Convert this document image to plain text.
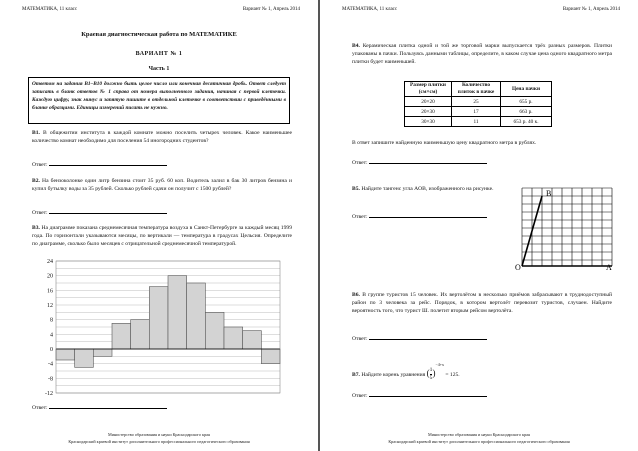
МАТЕМАТИКА, 11 класс	Вариант № 1, Апрель 2014
Краевая диагностическая работа по МАТЕМАТИКЕ
ВАРИАНТ № 1
Часть 1
Ответом на задания В1–В10 должно быть целое число или конечная десятичная дробь. Ответ следует записать в бланк ответов № 1 справа от номера выполненного задания, начиная с первой клеточки. Каждую цифру, знак минус и запятую пишите в отдельной клеточке в соответствии с приведёнными в бланке образцами. Единицы измерений писать не нужно.
В1. В общежитии института в каждой комнате можно поселить четырех человек. Какое наименьшее количество комнат необходимо для поселения 54 иногородних студентов?
Ответ:
В2. На бензоколонке один литр бензина стоит 35 руб. 60 коп. Водитель залил в бак 30 литров бензина и купил бутылку воды за 35 рублей. Сколько рублей сдачи он получит с 1500 рублей?
Ответ:
В3. На диаграмме показана среднемесячная температура воздуха в Санкт-Петербурге за каждый месяц 1999 года. По горизонтали указываются месяцы, по вертикали — температура в градусах Цельсия. Определите по диаграмме, сколько было месяцев с отрицательной среднемесячной температурой.
24
20
16
12
8
4
0
-4
-8
-12
Ответ:
Министерство образования и науки Краснодарского края
Краснодарский краевой институт дополнительного профессионального педагогического образования
МАТЕМАТИКА, 11 класс	Вариант № 1, Апрель 2014
В4. Керамическая плитка одной и той же торговой марки выпускается трёх разных размеров. Плитки упакованы в пачки. Пользуясь данными таблицы, определите, в каком случае цена одного квадратного метра плитки будет наименьшей.
Размер плитки (см×см)	Количество плиток в пачке	Цена пачки
20×20	25	655 р.
20×30	17	663 р.
30×30	11	653 р. 40 к.
В ответ запишите найденную наименьшую цену квадратного метра в рублях.
Ответ:
В5. Найдите тангенс угла AOB, изображенного на рисунке.
Ответ:
O	A
B
В6. В группе туристов 15 человек. Их вертолётом в несколько приёмов забрасывают в труднодоступный район по 3 человека за рейс. Порядок, в котором вертолёт перевозит туристов, случаен. Найдите вероятность того, что турист Ш. полетит вторым рейсом вертолёта.
Ответ:
В7. Найдите корень уравнения ( $\frac{1}{5})^{-4+x} = 125$.
Ответ:
Министерство образования и науки Краснодарского края
Краснодарский краевой институт дополнительного профессионального педагогического образования
